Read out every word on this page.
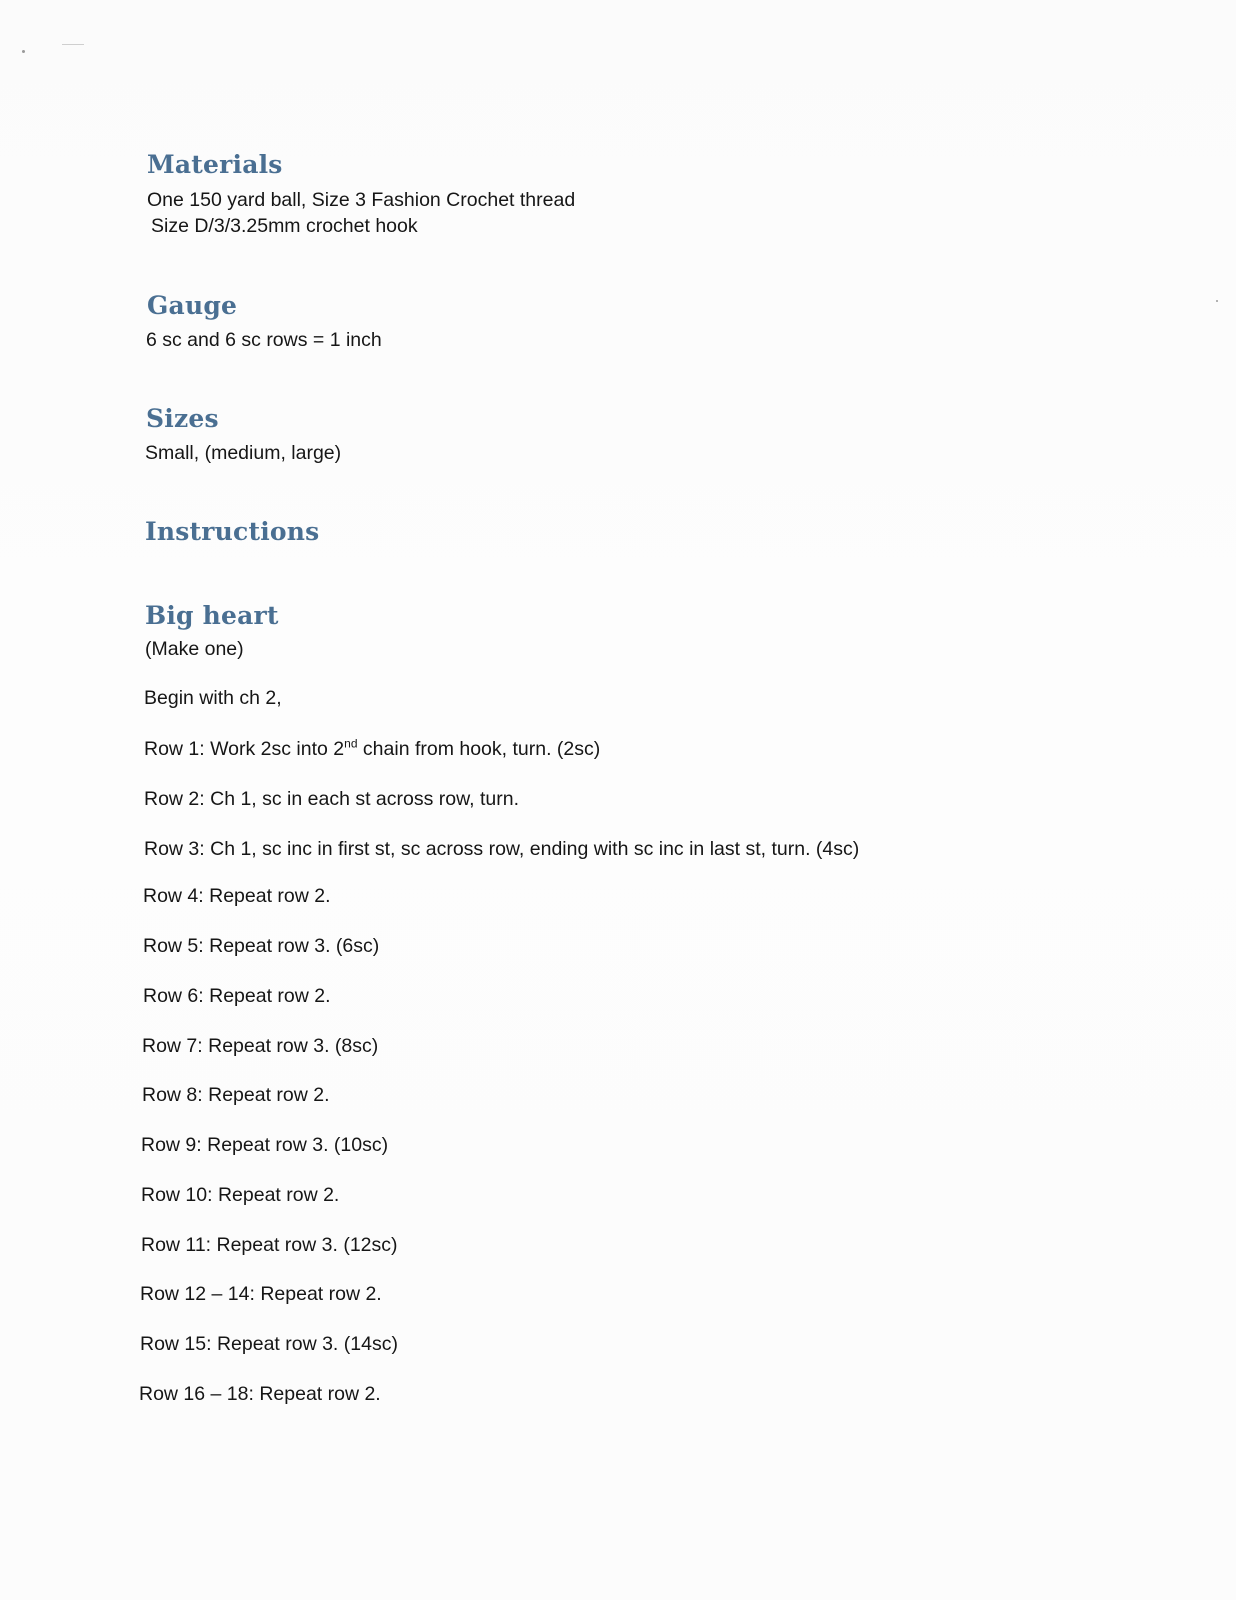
Materials

One 150 yard ball, Size 3 Fashion Crochet thread

Size D/3/3.25mm crochet hook

Gauge

6 sc and 6 sc rows = 1 inch

Sizes

Small, (medium, large)

Instructions
Big heart

(Make one)

Begin with ch 2,

Row 1: Work 2sc into 2nd chain from hook, turn. (2sc)

Row 2: Ch 1, sc in each st across row, turn.

Row 3: Ch 1, sc inc in first st, sc across row, ending with sc inc in last st, turn. (4sc)

Row 4: Repeat row 2.

Row 5: Repeat row 3. (6sc)

Row 6: Repeat row 2.

Row 7: Repeat row 3. (8sc)

Row 8: Repeat row 2.

Row 9: Repeat row 3. (10sc)

Row 10: Repeat row 2.

Row 11: Repeat row 3. (12sc)

Row 12 – 14: Repeat row 2.

Row 15: Repeat row 3. (14sc)

Row 16 – 18: Repeat row 2.
